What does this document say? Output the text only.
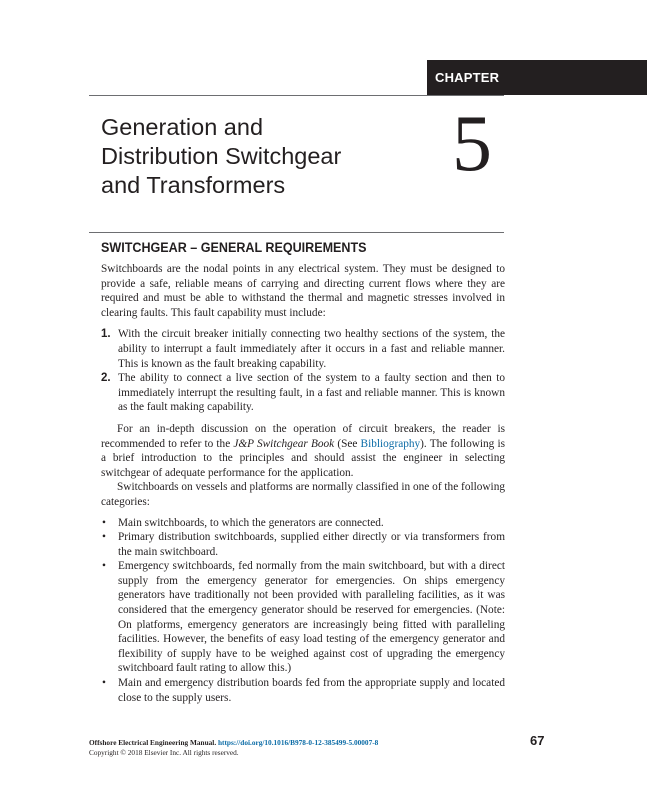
CHAPTER
Generation and
Distribution Switchgear
and Transformers	5
SWITCHGEAR – GENERAL REQUIREMENTS

Switchboards are the nodal points in any electrical system. They must be designed to provide a safe, reliable means of carrying and directing current flows where they are required and must be able to withstand the thermal and magnetic stresses involved in clearing faults. This fault capability must include:

1. With the circuit breaker initially connecting two healthy sections of the system, the ability to interrupt a fault immediately after it occurs in a fast and reliable manner. This is known as the fault breaking capability.
2. The ability to connect a live section of the system to a faulty section and then to immediately interrupt the resulting fault, in a fast and reliable manner. This is known as the fault making capability.

For an in-depth discussion on the operation of circuit breakers, the reader is recommended to refer to the J&P Switchgear Book (See Bibliography). The following is a brief introduction to the principles and should assist the engineer in selecting switchgear of adequate performance for the application.

Switchboards on vessels and platforms are normally classified in one of the following categories:

• Main switchboards, to which the generators are connected.
• Primary distribution switchboards, supplied either directly or via transformers from the main switchboard.
• Emergency switchboards, fed normally from the main switchboard, but with a direct supply from the emergency generator for emergencies. On ships emergency generators have traditionally not been provided with paralleling facilities, as it was considered that the emergency generator should be reserved for emergencies. (Note: On platforms, emergency generators are increasingly being fitted with paralleling facilities. However, the benefits of easy load testing of the emergency generator and flexibility of supply have to be weighed against cost of upgrading the emergency switchboard fault rating to allow this.)
• Main and emergency distribution boards fed from the appropriate supply and located close to the supply users.
Offshore Electrical Engineering Manual. https://doi.org/10.1016/B978-0-12-385499-5.00007-8
Copyright © 2018 Elsevier Inc. All rights reserved.
67
